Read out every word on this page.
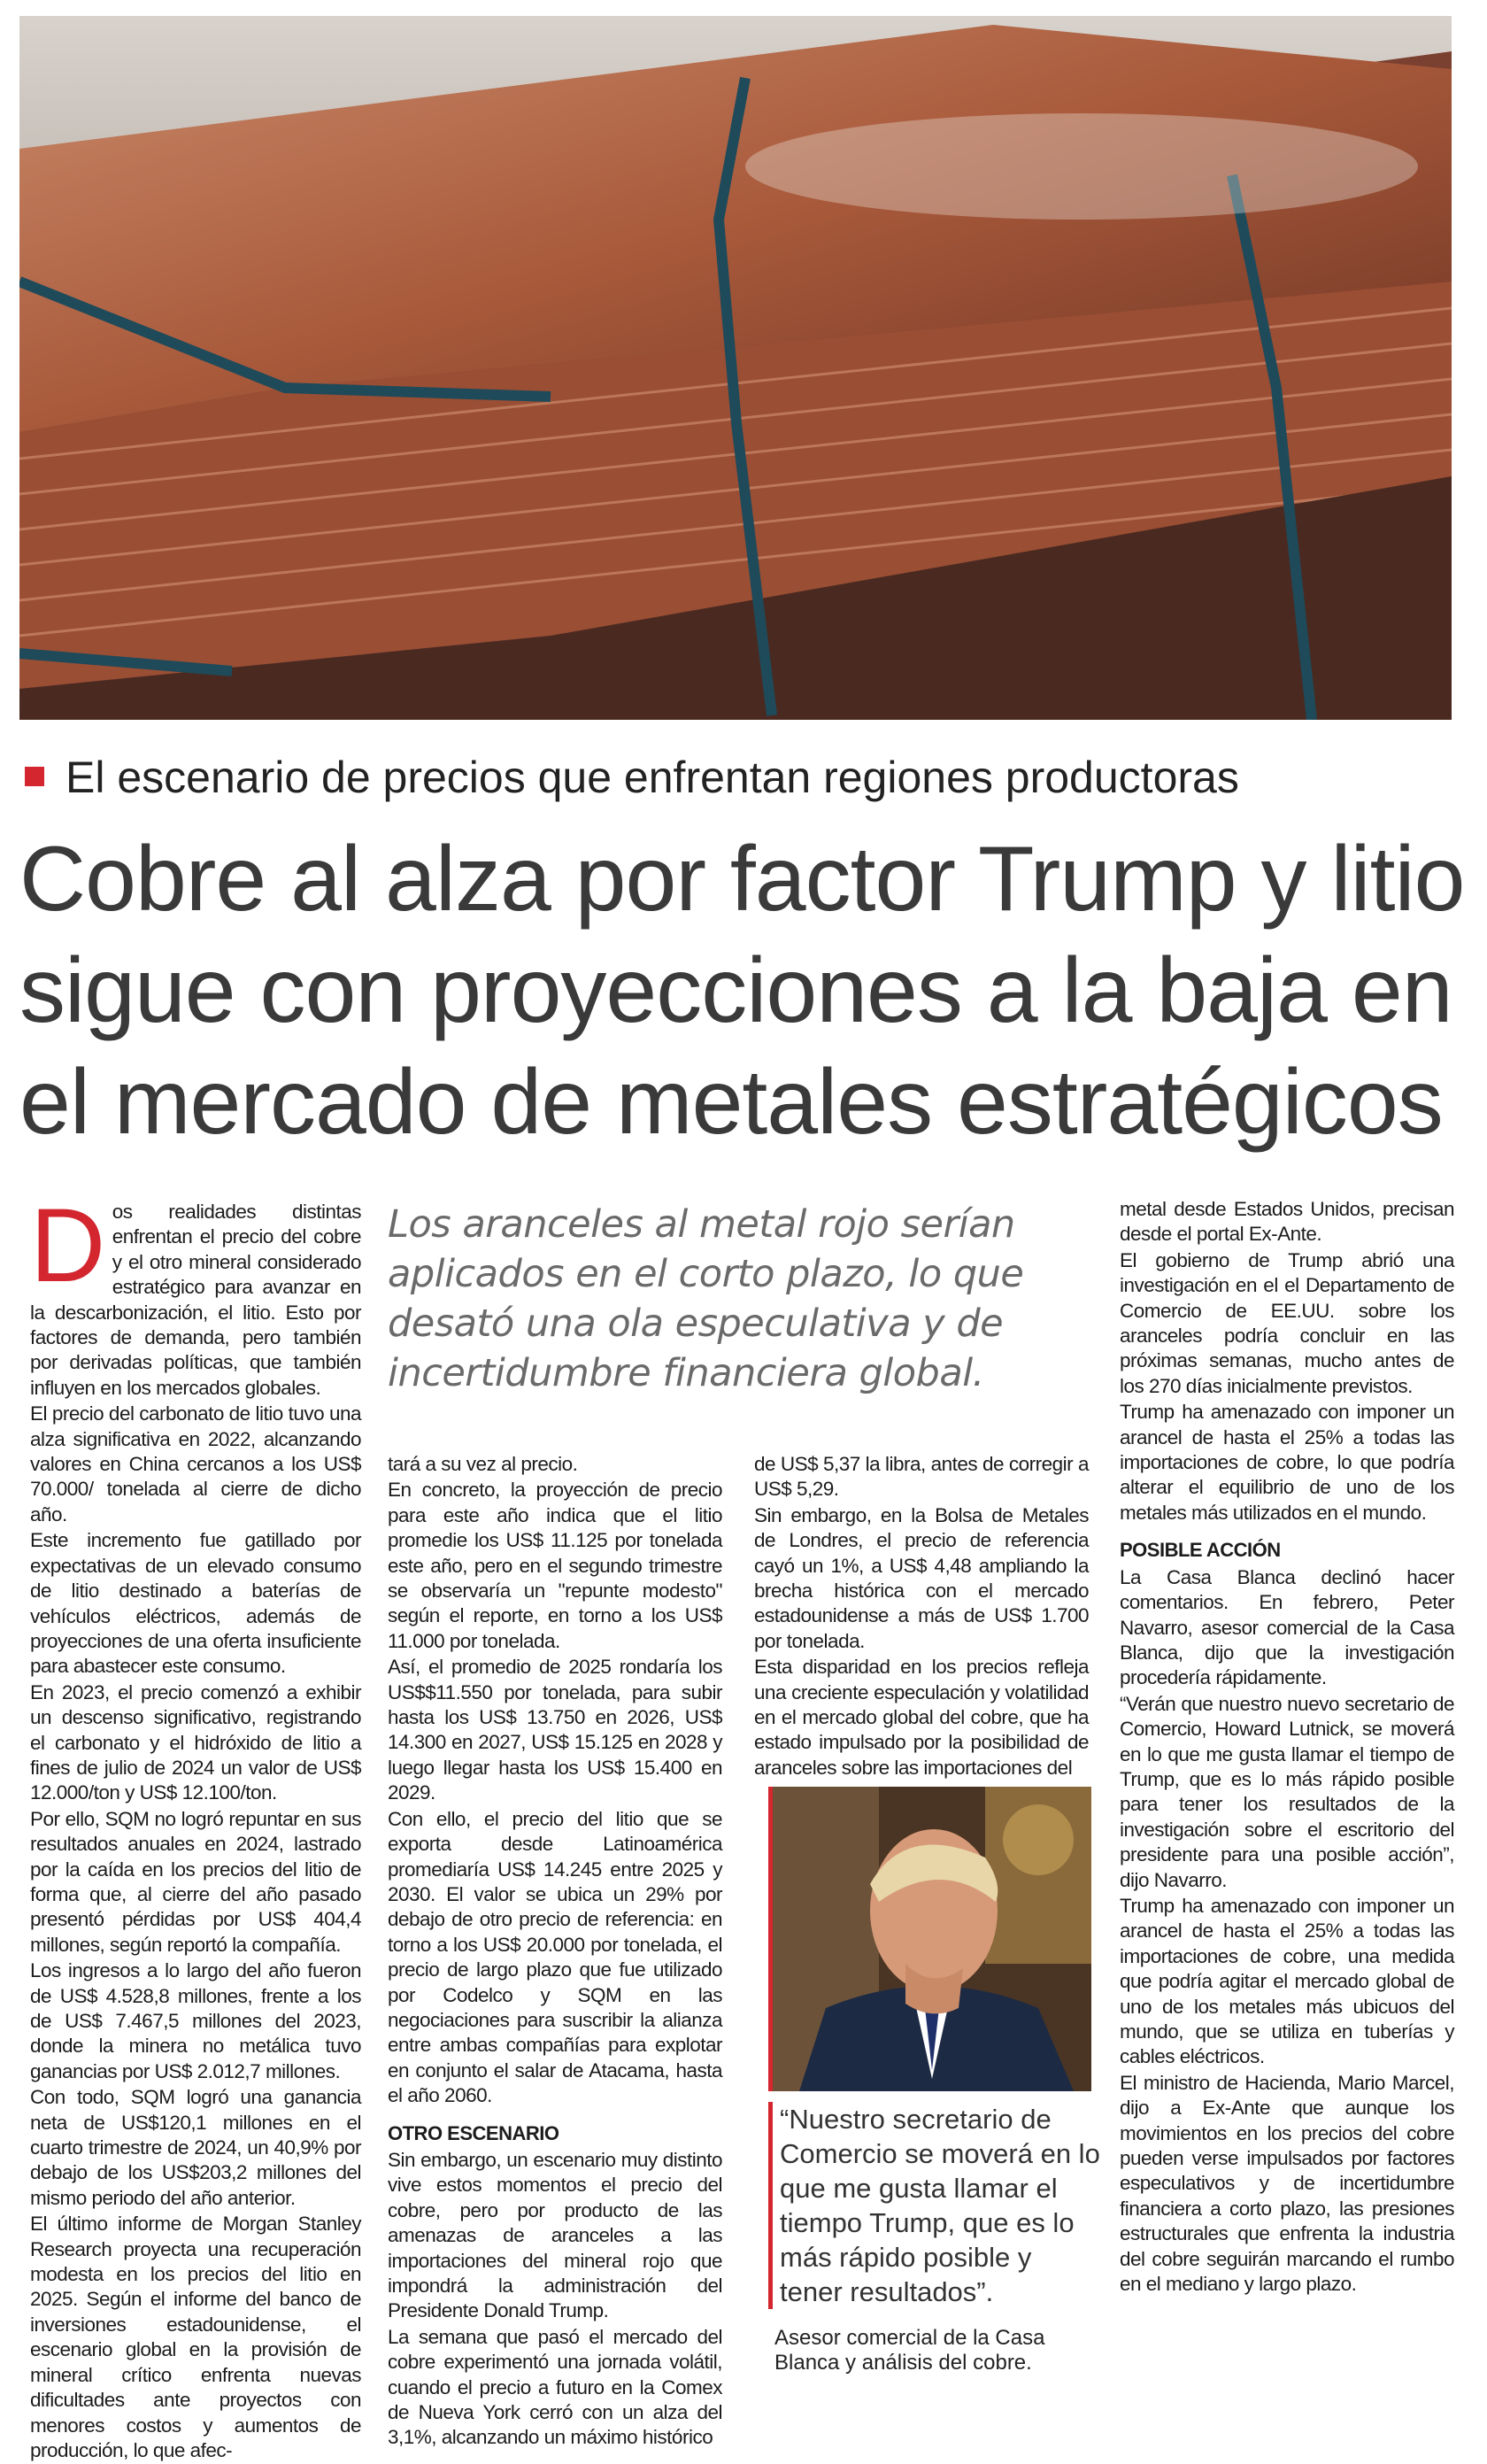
El escenario de precios que enfrentan regiones productoras
Cobre al alza por factor Trump y litio
sigue con proyecciones a la baja en
el mercado de metales estratégicos
Los aranceles al metal rojo serían
aplicados en el corto plazo, lo que
desató una ola especulativa y de
incertidumbre financiera global.

Dos realidades distintas enfrentan el precio del cobre y el otro mineral considerado estratégico para avanzar en la descarbonización, el litio. Esto por factores de demanda, pero también por derivadas políticas, que también influyen en los mercados globales.

El precio del carbonato de litio tuvo una alza significativa en 2022, alcanzando valores en China cercanos a los US$ 70.000/ tonelada al cierre de dicho año.

Este incremento fue gatillado por expectativas de un elevado consumo de litio destinado a baterías de vehículos eléctricos, además de proyecciones de una oferta insuficiente para abastecer este consumo.

En 2023, el precio comenzó a exhibir un descenso significativo, registrando el carbonato y el hidróxido de litio a fines de julio de 2024 un valor de US$ 12.000/ton y US$ 12.100/ton.

Por ello, SQM no logró repuntar en sus resultados anuales en 2024, lastrado por la caída en los precios del litio de forma que, al cierre del año pasado presentó pérdidas por US$ 404,4 millones, según reportó la compañía.

Los ingresos a lo largo del año fueron de US$ 4.528,8 millones, frente a los de US$ 7.467,5 millones del 2023, donde la minera no metálica tuvo ganancias por US$ 2.012,7 millones.

Con todo, SQM logró una ganancia neta de US$120,1 millones en el cuarto trimestre de 2024, un 40,9% por debajo de los US$203,2 millones del mismo periodo del año anterior.

El último informe de Morgan Stanley Research proyecta una recuperación modesta en los precios del litio en 2025. Según el informe del banco de inversiones estadounidense, el escenario global en la provisión de mineral crítico enfrenta nuevas dificultades ante proyectos con menores costos y aumentos de producción, lo que afec-

tará a su vez al precio.

En concreto, la proyección de precio para este año indica que el litio promedie los US$ 11.125 por tonelada este año, pero en el segundo trimestre se observaría un "repunte modesto" según el reporte, en torno a los US$ 11.000 por tonelada.

Así, el promedio de 2025 rondaría los US$$11.550 por tonelada, para subir hasta los US$ 13.750 en 2026, US$ 14.300 en 2027, US$ 15.125 en 2028 y luego llegar hasta los US$ 15.400 en 2029.

Con ello, el precio del litio que se exporta desde Latinoamérica promediaría US$ 14.245 entre 2025 y 2030. El valor se ubica un 29% por debajo de otro precio de referencia: en torno a los US$ 20.000 por tonelada, el precio de largo plazo que fue utilizado por Codelco y SQM en las negociaciones para suscribir la alianza entre ambas compañías para explotar en conjunto el salar de Atacama, hasta el año 2060.

OTRO ESCENARIO

Sin embargo, un escenario muy distinto vive estos momentos el precio del cobre, pero por producto de las amenazas de aranceles a las importaciones del mineral rojo que impondrá la administración del Presidente Donald Trump.

La semana que pasó el mercado del cobre experimentó una jornada volátil, cuando el precio a futuro en la Comex de Nueva York cerró con un alza del 3,1%, alcanzando un máximo histórico

de US$ 5,37 la libra, antes de corregir a US$ 5,29.

Sin embargo, en la Bolsa de Metales de Londres, el precio de referencia cayó un 1%, a US$ 4,48 ampliando la brecha histórica con el mercado estadounidense a más de US$ 1.700 por tonelada.

Esta disparidad en los precios refleja una creciente especulación y volatilidad en el mercado global del cobre, que ha estado impulsado por la posibilidad de aranceles sobre las importaciones del

“Nuestro secretario de
Comercio se moverá en lo
que me gusta llamar el
tiempo Trump, que es lo
más rápido posible y
tener resultados”.
Asesor comercial de la Casa
Blanca y análisis del cobre.

metal desde Estados Unidos, precisan desde el portal Ex-Ante.

El gobierno de Trump abrió una investigación en el el Departamento de Comercio de EE.UU. sobre los aranceles podría concluir en las próximas semanas, mucho antes de los 270 días inicialmente previstos.

Trump ha amenazado con imponer un arancel de hasta el 25% a todas las importaciones de cobre, lo que podría alterar el equilibrio de uno de los metales más utilizados en el mundo.

POSIBLE ACCIÓN

La Casa Blanca declinó hacer comentarios. En febrero, Peter Navarro, asesor comercial de la Casa Blanca, dijo que la investigación procedería rápidamente.

“Verán que nuestro nuevo secretario de Comercio, Howard Lutnick, se moverá en lo que me gusta llamar el tiempo de Trump, que es lo más rápido posible para tener los resultados de la investigación sobre el escritorio del presidente para una posible acción”, dijo Navarro.

Trump ha amenazado con imponer un arancel de hasta el 25% a todas las importaciones de cobre, una medida que podría agitar el mercado global de uno de los metales más ubicuos del mundo, que se utiliza en tuberías y cables eléctricos.

El ministro de Hacienda, Mario Marcel, dijo a Ex-Ante que aunque los movimientos en los precios del cobre pueden verse impulsados por factores especulativos y de incertidumbre financiera a corto plazo, las presiones estructurales que enfrenta la industria del cobre seguirán marcando el rumbo en el mediano y largo plazo.
